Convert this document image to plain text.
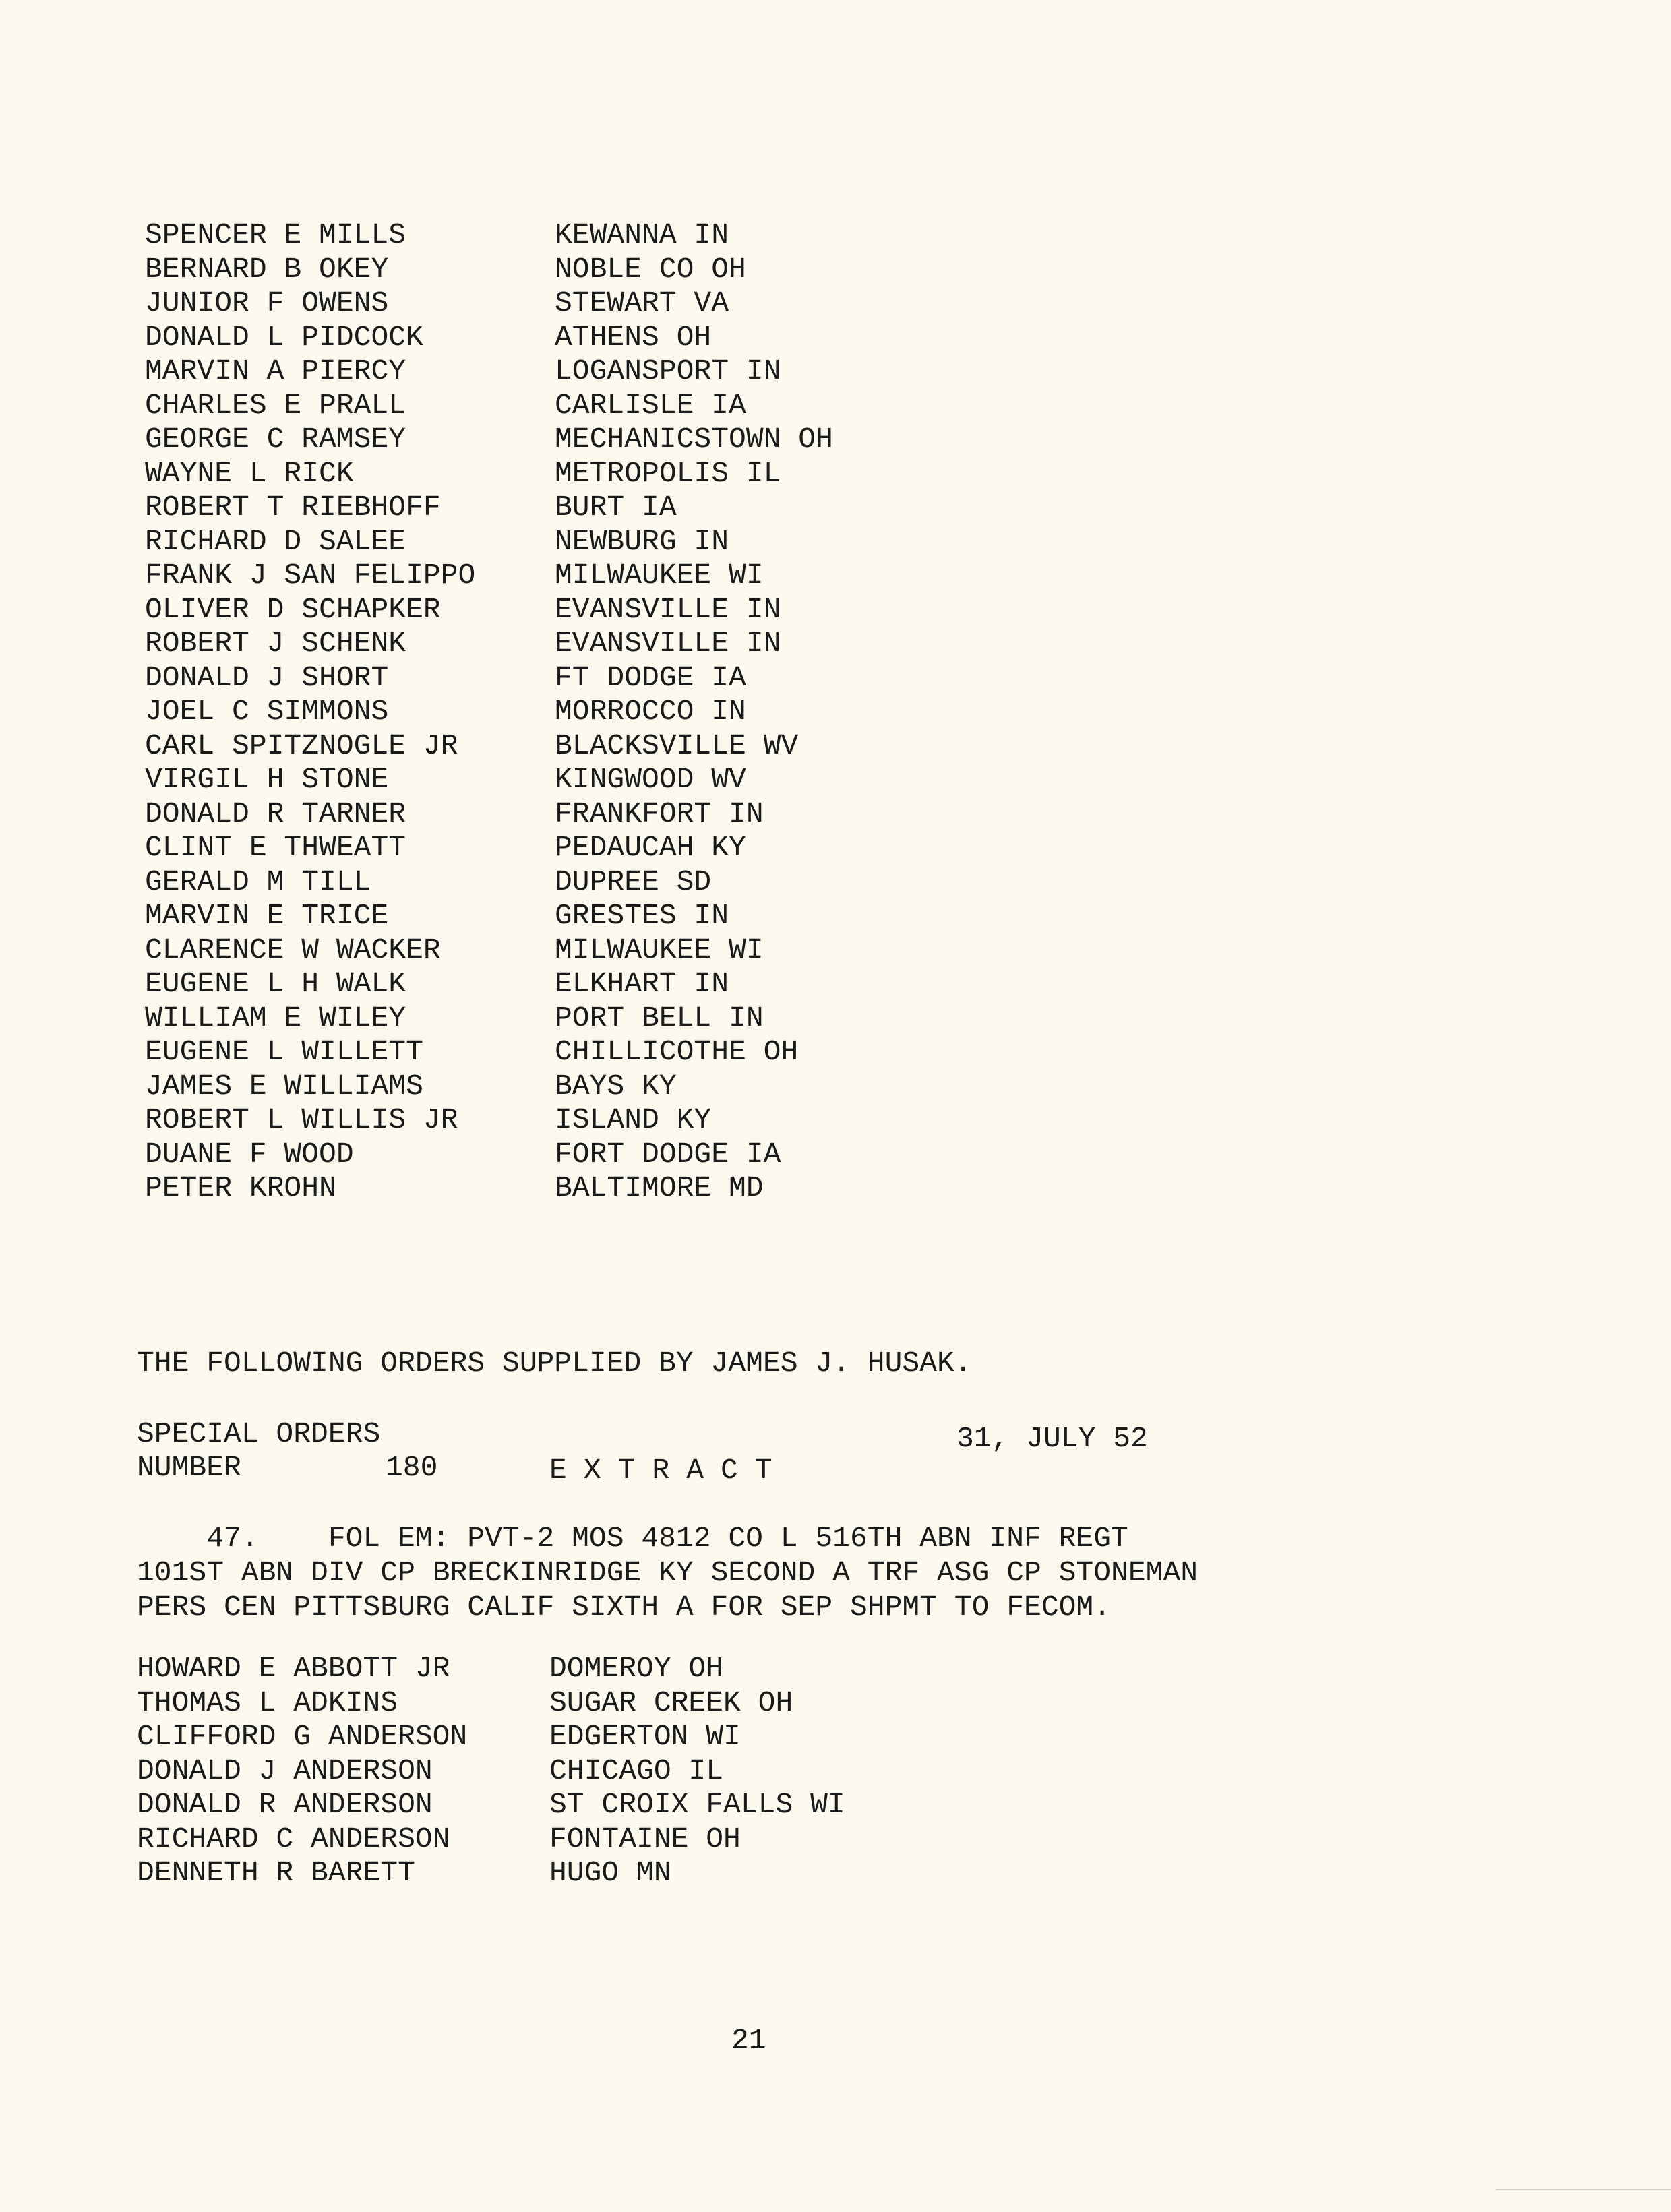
SPENCER E MILLS	KEWANNA IN
BERNARD B OKEY	NOBLE CO OH
JUNIOR F OWENS	STEWART VA
DONALD L PIDCOCK	ATHENS OH
MARVIN A PIERCY	LOGANSPORT IN
CHARLES E PRALL	CARLISLE IA
GEORGE C RAMSEY	MECHANICSTOWN OH
WAYNE L RICK	METROPOLIS IL
ROBERT T RIEBHOFF	BURT IA
RICHARD D SALEE	NEWBURG IN
FRANK J SAN FELIPPO	MILWAUKEE WI
OLIVER D SCHAPKER	EVANSVILLE IN
ROBERT J SCHENK	EVANSVILLE IN
DONALD J SHORT	FT DODGE IA
JOEL C SIMMONS	MORROCCO IN
CARL SPITZNOGLE JR	BLACKSVILLE WV
VIRGIL H STONE	KINGWOOD WV
DONALD R TARNER	FRANKFORT IN
CLINT E THWEATT	PEDAUCAH KY
GERALD M TILL	DUPREE SD
MARVIN E TRICE	GRESTES IN
CLARENCE W WACKER	MILWAUKEE WI
EUGENE L H WALK	ELKHART IN
WILLIAM E WILEY	PORT BELL IN
EUGENE L WILLETT	CHILLICOTHE OH
JAMES E WILLIAMS	BAYS KY
ROBERT L WILLIS JR	ISLAND KY
DUANE F WOOD	FORT DODGE IA
PETER KROHN	BALTIMORE MD
THE FOLLOWING ORDERS SUPPLIED BY JAMES J. HUSAK.
SPECIAL ORDERS	31, JULY 52
NUMBER	180	EXTRACT
47.    FOL EM: PVT-2 MOS 4812 CO L 516TH ABN INF REGT
101ST ABN DIV CP BRECKINRIDGE KY SECOND A TRF ASG CP STONEMAN
PERS CEN PITTSBURG CALIF SIXTH A FOR SEP SHPMT TO FECOM.
HOWARD E ABBOTT JR	DOMEROY OH
THOMAS L ADKINS	SUGAR CREEK OH
CLIFFORD G ANDERSON	EDGERTON WI
DONALD J ANDERSON	CHICAGO IL
DONALD R ANDERSON	ST CROIX FALLS WI
RICHARD C ANDERSON	FONTAINE OH
DENNETH R BARETT	HUGO MN
21
